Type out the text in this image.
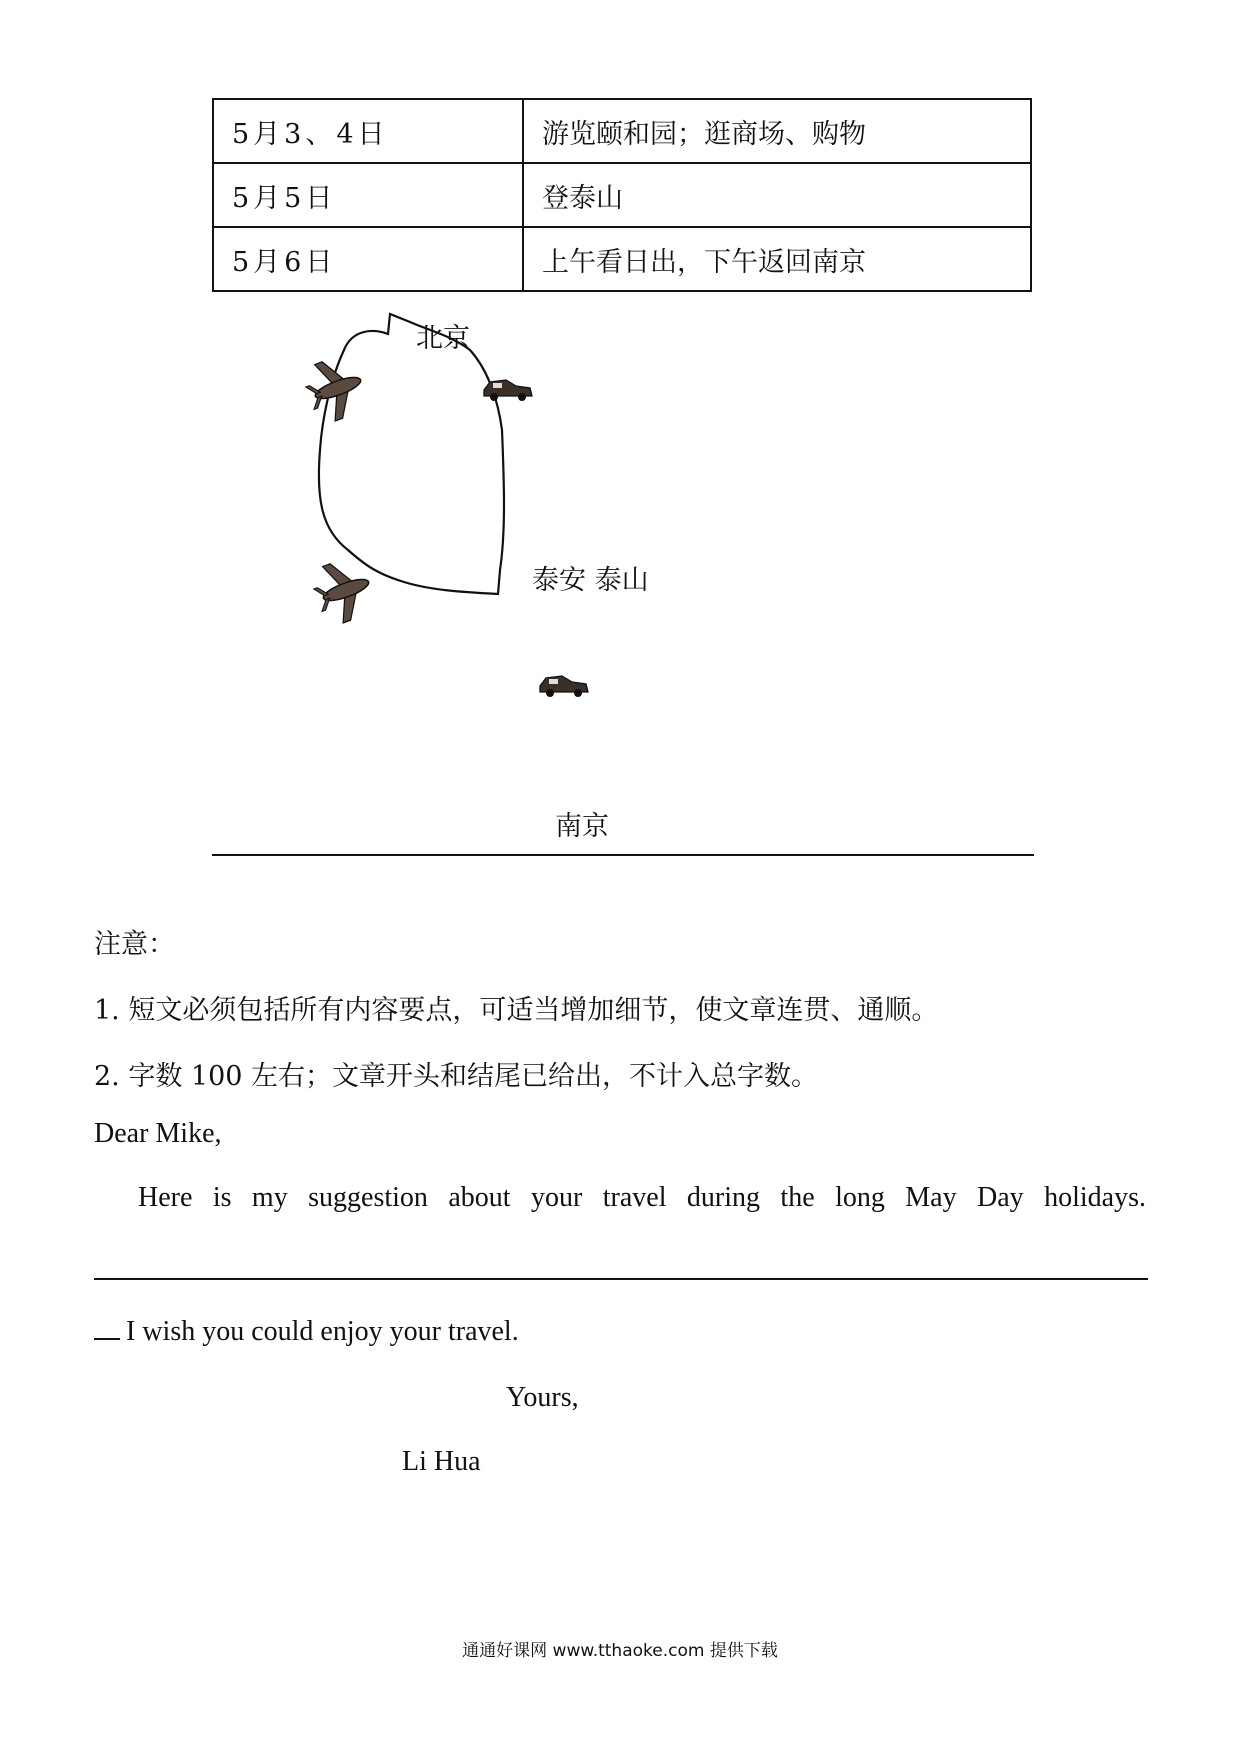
5月3、4日	游览颐和园；逛商场、购物
5月5日	登泰山
5月6日	上午看日出，下午返回南京
北京
泰安 泰山
南京
注意：
1. 短文必须包括所有内容要点，可适当增加细节，使文章连贯、通顺。
2. 字数 100 左右；文章开头和结尾已给出，不计入总字数。
Dear Mike,
Here is my suggestion about your travel during the long May Day holidays.
I wish you could enjoy your travel.
Yours,
Li Hua
通通好课网 www.tthaoke.com 提供下载
